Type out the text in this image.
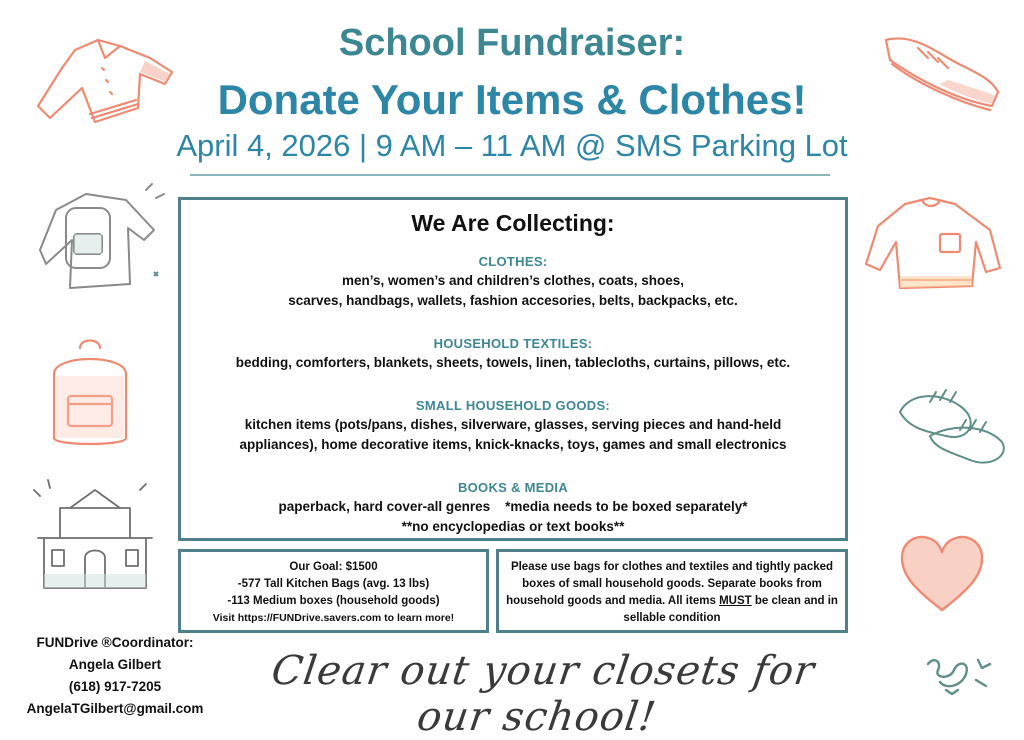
School Fundraiser:
Donate Your Items & Clothes!
April 4, 2026 | 9 AM – 11 AM @ SMS Parking Lot
We Are Collecting:
CLOTHES:
men’s, women’s and children’s clothes, coats, shoes,
scarves, handbags, wallets, fashion accesories, belts, backpacks, etc.
HOUSEHOLD TEXTILES:
bedding, comforters, blankets, sheets, towels, linen, tablecloths, curtains, pillows, etc.
SMALL HOUSEHOLD GOODS:
kitchen items (pots/pans, dishes, silverware, glasses, serving pieces and hand-held
appliances), home decorative items, knick-knacks, toys, games and small electronics
BOOKS & MEDIA
paperback, hard cover-all genres    *media needs to be boxed separately*
**no encyclopedias or text books**
Our Goal: $1500
-577 Tall Kitchen Bags (avg. 13 lbs)
-113 Medium boxes (household goods)
Visit https://FUNDrive.savers.com to learn more!
Please use bags for clothes and textiles and tightly packed boxes of small household goods. Separate books from household goods and media. All items MUST be clean and in sellable condition
FUNDrive ®Coordinator:
Angela Gilbert
(618) 917-7205
AngelaTGilbert@gmail.com
Clear out your closets for our school!
